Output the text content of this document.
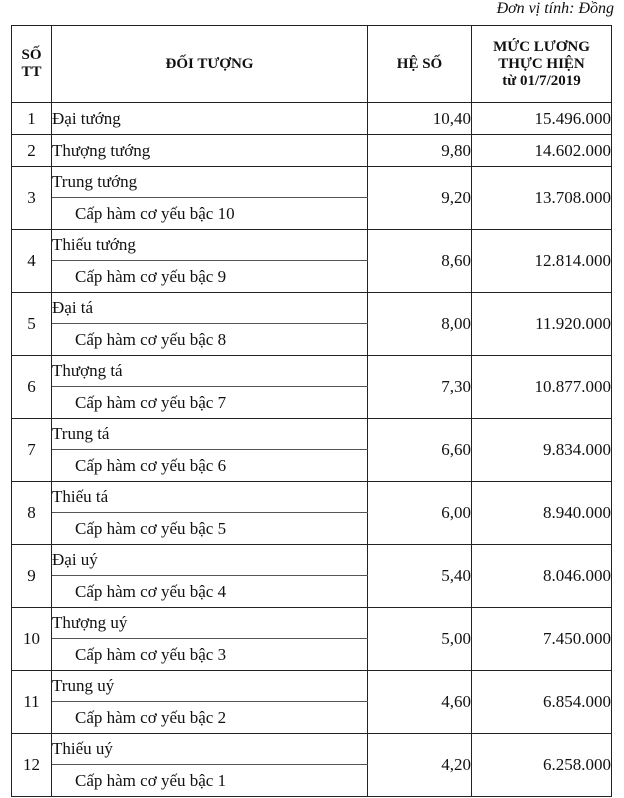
Đơn vị tính: Đồng
SỐ
TT	ĐỐI TƯỢNG	HỆ SỐ	MỨC LƯƠNG
THỰC HIỆN
từ 01/7/2019
1	Đại tướng	10,40	15.496.000
2	Thượng tướng	9,80	14.602.000
3	Trung tướng	9,20	13.708.000
	Cấp hàm cơ yếu bậc 10		
4	Thiếu tướng	8,60	12.814.000
	Cấp hàm cơ yếu bậc 9		
5	Đại tá	8,00	11.920.000
	Cấp hàm cơ yếu bậc 8		
6	Thượng tá	7,30	10.877.000
	Cấp hàm cơ yếu bậc 7		
7	Trung tá	6,60	9.834.000
	Cấp hàm cơ yếu bậc 6		
8	Thiếu tá	6,00	8.940.000
	Cấp hàm cơ yếu bậc 5		
9	Đại uý	5,40	8.046.000
	Cấp hàm cơ yếu bậc 4		
10	Thượng uý	5,00	7.450.000
	Cấp hàm cơ yếu bậc 3		
11	Trung uý	4,60	6.854.000
	Cấp hàm cơ yếu bậc 2		
12	Thiếu uý	4,20	6.258.000
	Cấp hàm cơ yếu bậc 1		
